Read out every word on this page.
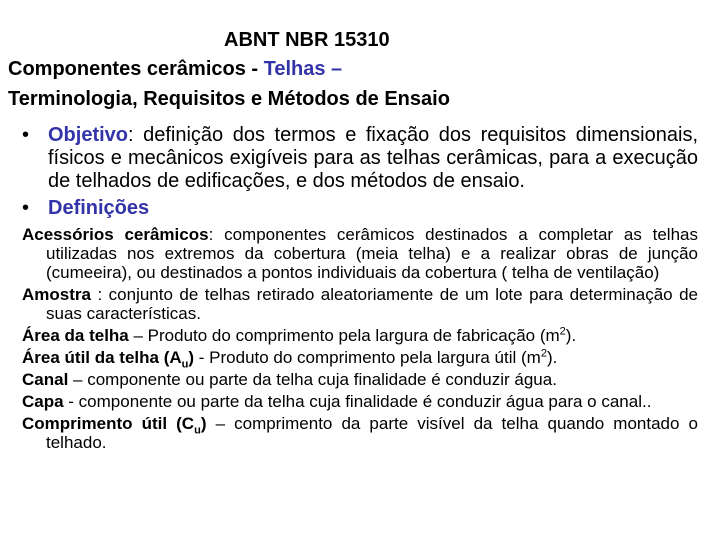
ABNT NBR 15310
Componentes cerâmicos - Telhas –
Terminologia, Requisitos e Métodos de Ensaio
• Objetivo: definição dos termos e fixação dos requisitos dimensionais, físicos e mecânicos exigíveis para as telhas cerâmicas, para a execução de telhados de edificações, e dos métodos de ensaio.
• Definições
Acessórios cerâmicos: componentes cerâmicos destinados a completar as telhas utilizadas nos extremos da cobertura (meia telha) e a realizar obras de junção (cumeeira), ou destinados a pontos individuais da cobertura ( telha de ventilação)
Amostra : conjunto de telhas retirado aleatoriamente de um lote para determinação de suas características.
Área da telha – Produto do comprimento pela largura de fabricação $(m^2)$.
Área útil da telha $(A_u)$ - Produto do comprimento pela largura útil $(m^2)$.
Canal – componente ou parte da telha cuja finalidade é conduzir água.
Capa - componente ou parte da telha cuja finalidade é conduzir água para o canal..
Comprimento útil $(C_u)$ – comprimento da parte visível da telha quando montado o telhado.
